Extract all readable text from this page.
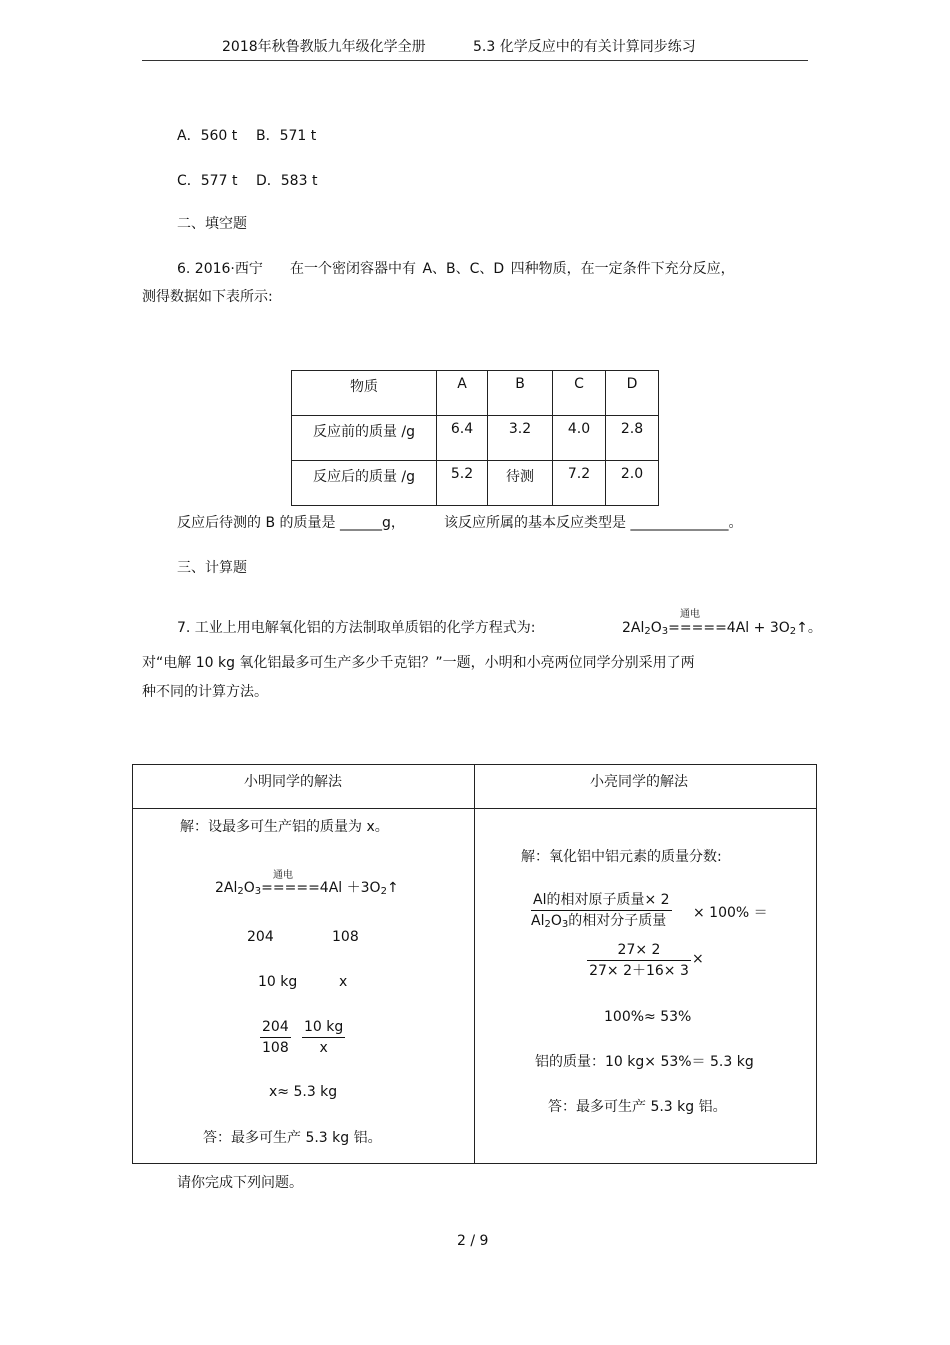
2018年秋鲁教版九年级化学全册	5.3 化学反应中的有关计算同步练习
A．560 t B．571 t
C．577 t D．583 t
二、填空题
6. 2016·西宁 在一个密闭容器中有 A、B、C、D 四种物质，在一定条件下充分反应，
测得数据如下表所示:
物质	A	B	C	D
反应前的质量 /g	6.4	3.2	4.0	2.8
反应后的质量 /g	5.2	待测	7.2	2.0
反应后待测的 B 的质量是 ______g，	该反应所属的基本反应类型是 ______________。
三、计算题
7. 工业上用电解氧化铝的方法制取单质铝的化学方程式为:
通电
$2Al_2O_3=====4Al$ + $3O_2↑$。
对“电解 10 kg 氧化铝最多可生产多少千克铝？”一题，小明和小亮两位同学分别采用了两
种不同的计算方法。
小明同学的解法	小亮同学的解法
解：设最多可生产铝的质量为 x。
通电
$2Al_2O_3=====4Al$ $+3O_2↑$
204	108
10 kg	x
$\frac{204}{108} \frac{10 kg}{x}$
x≈ 5.3 kg
答：最多可生产 5.3 kg 铝。
解：氧化铝中铝元素的质量分数:
Al的相对原子质量× 2
$Al_2O_3$的相对分子质量 × 100% ＝
$\frac{27\times 2}{27\times 2+16\times 3}$ ×
100%≈ 53%
铝的质量：10 kg× 53%＝ 5.3 kg
答：最多可生产 5.3 kg 铝。
请你完成下列问题。
2 / 9
